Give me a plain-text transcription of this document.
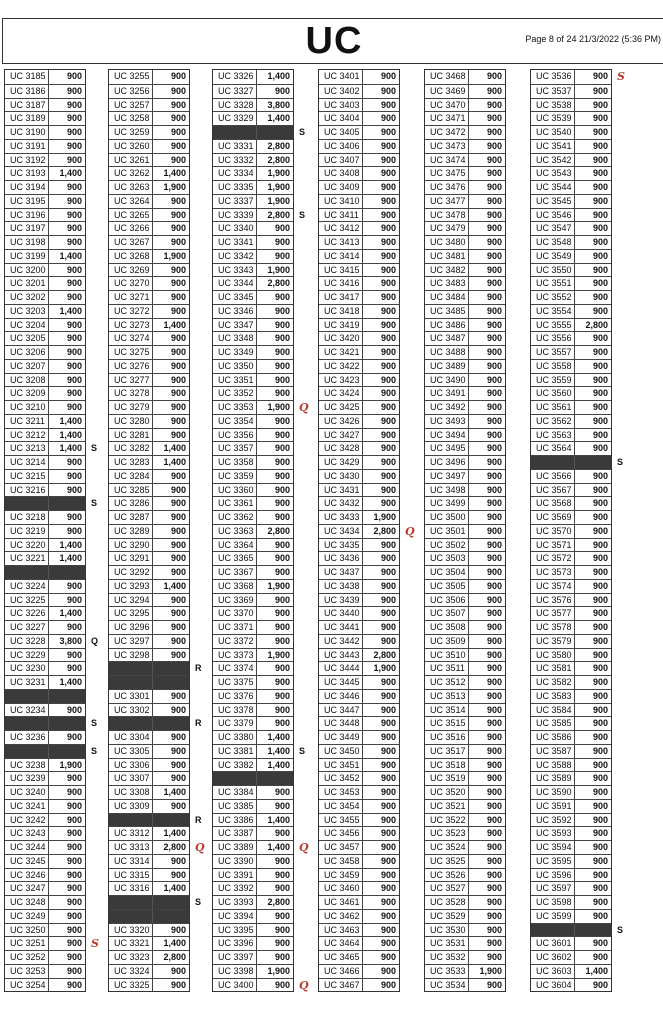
UC	Page 8 of 24 21/3/2022 (5:36 PM)
UC 3185	900
UC 3186	900
UC 3187	900
UC 3189	900
UC 3190	900
UC 3191	900
UC 3192	900
UC 3193	1,400
UC 3194	900
UC 3195	900
UC 3196	900
UC 3197	900
UC 3198	900
UC 3199	1,400
UC 3200	900
UC 3201	900
UC 3202	900
UC 3203	1,400
UC 3204	900
UC 3205	900
UC 3206	900
UC 3207	900
UC 3208	900
UC 3209	900
UC 3210	900
UC 3211	1,400
UC 3212	1,400
UC 3213	1,400 S
UC 3214	900
UC 3215	900
UC 3216	900
S
UC 3218	900
UC 3219	900
UC 3220	1,400
UC 3221	1,400
UC 3224	900
UC 3225	900
UC 3226	1,400
UC 3227	900
UC 3228	3,800 Q
UC 3229	900
UC 3230	900
UC 3231	1,400
UC 3234	900
S
UC 3236	900
S
UC 3238	1,900
UC 3239	900
UC 3240	900
UC 3241	900
UC 3242	900
UC 3243	900
UC 3244	900
UC 3245	900
UC 3246	900
UC 3247	900
UC 3248	900
UC 3249	900
UC 3250	900
UC 3251	900 S
UC 3252	900
UC 3253	900
UC 3254	900
UC 3255	900
UC 3256	900
UC 3257	900
UC 3258	900
UC 3259	900
UC 3260	900
UC 3261	900
UC 3262	1,400
UC 3263	1,900
UC 3264	900
UC 3265	900
UC 3266	900
UC 3267	900
UC 3268	1,900
UC 3269	900
UC 3270	900
UC 3271	900
UC 3272	900
UC 3273	1,400
UC 3274	900
UC 3275	900
UC 3276	900
UC 3277	900
UC 3278	900
UC 3279	900
UC 3280	900
UC 3281	900
UC 3282	1,400
UC 3283	1,400
UC 3284	900
UC 3285	900
UC 3286	900
UC 3287	900
UC 3289	900
UC 3290	900
UC 3291	900
UC 3292	900
UC 3293	1,400
UC 3294	900
UC 3295	900
UC 3296	900
UC 3297	900
UC 3298	900
R
UC 3301	900
UC 3302	900
R
UC 3304	900
UC 3305	900
UC 3306	900
UC 3307	900
UC 3308	1,400
UC 3309	900
R
UC 3312	1,400
UC 3313	2,800 Q
UC 3314	900
UC 3315	900
UC 3316	1,400
S
UC 3320	900
UC 3321	1,400
UC 3323	2,800
UC 3324	900
UC 3325	900
UC 3326	1,400
UC 3327	900
UC 3328	3,800
UC 3329	1,400
S
UC 3331	2,800
UC 3332	2,800
UC 3334	1,900
UC 3335	1,900
UC 3337	1,900
UC 3339	2,800 S
UC 3340	900
UC 3341	900
UC 3342	900
UC 3343	1,900
UC 3344	2,800
UC 3345	900
UC 3346	900
UC 3347	900
UC 3348	900
UC 3349	900
UC 3350	900
UC 3351	900
UC 3352	900
UC 3353	1,900 Q
UC 3354	900
UC 3356	900
UC 3357	900
UC 3358	900
UC 3359	900
UC 3360	900
UC 3361	900
UC 3362	900
UC 3363	2,800
UC 3364	900
UC 3365	900
UC 3367	900
UC 3368	1,900
UC 3369	900
UC 3370	900
UC 3371	900
UC 3372	900
UC 3373	1,900
UC 3374	900
UC 3375	900
UC 3376	900
UC 3378	900
UC 3379	900
UC 3380	1,400
UC 3381	1,400 S
UC 3382	1,400
UC 3384	900
UC 3385	900
UC 3386	1,400
UC 3387	900
UC 3389	1,400 Q
UC 3390	900
UC 3391	900
UC 3392	900
UC 3393	2,800
UC 3394	900
UC 3395	900
UC 3396	900
UC 3397	900
UC 3398	1,900
UC 3400	900 Q
UC 3401	900
UC 3402	900
UC 3403	900
UC 3404	900
UC 3405	900
UC 3406	900
UC 3407	900
UC 3408	900
UC 3409	900
UC 3410	900
UC 3411	900
UC 3412	900
UC 3413	900
UC 3414	900
UC 3415	900
UC 3416	900
UC 3417	900
UC 3418	900
UC 3419	900
UC 3420	900
UC 3421	900
UC 3422	900
UC 3423	900
UC 3424	900
UC 3425	900
UC 3426	900
UC 3427	900
UC 3428	900
UC 3429	900
UC 3430	900
UC 3431	900
UC 3432	900
UC 3433	1,900
UC 3434	2,800 Q
UC 3435	900
UC 3436	900
UC 3437	900
UC 3438	900
UC 3439	900
UC 3440	900
UC 3441	900
UC 3442	900
UC 3443	2,800
UC 3444	1,900
UC 3445	900
UC 3446	900
UC 3447	900
UC 3448	900
UC 3449	900
UC 3450	900
UC 3451	900
UC 3452	900
UC 3453	900
UC 3454	900
UC 3455	900
UC 3456	900
UC 3457	900
UC 3458	900
UC 3459	900
UC 3460	900
UC 3461	900
UC 3462	900
UC 3463	900
UC 3464	900
UC 3465	900
UC 3466	900
UC 3467	900
UC 3468	900
UC 3469	900
UC 3470	900
UC 3471	900
UC 3472	900
UC 3473	900
UC 3474	900
UC 3475	900
UC 3476	900
UC 3477	900
UC 3478	900
UC 3479	900
UC 3480	900
UC 3481	900
UC 3482	900
UC 3483	900
UC 3484	900
UC 3485	900
UC 3486	900
UC 3487	900
UC 3488	900
UC 3489	900
UC 3490	900
UC 3491	900
UC 3492	900
UC 3493	900
UC 3494	900
UC 3495	900
UC 3496	900
UC 3497	900
UC 3498	900
UC 3499	900
UC 3500	900
UC 3501	900
UC 3502	900
UC 3503	900
UC 3504	900
UC 3505	900
UC 3506	900
UC 3507	900
UC 3508	900
UC 3509	900
UC 3510	900
UC 3511	900
UC 3512	900
UC 3513	900
UC 3514	900
UC 3515	900
UC 3516	900
UC 3517	900
UC 3518	900
UC 3519	900
UC 3520	900
UC 3521	900
UC 3522	900
UC 3523	900
UC 3524	900
UC 3525	900
UC 3526	900
UC 3527	900
UC 3528	900
UC 3529	900
UC 3530	900
UC 3531	900
UC 3532	900
UC 3533	1,900
UC 3534	900
UC 3536	900 S
UC 3537	900
UC 3538	900
UC 3539	900
UC 3540	900
UC 3541	900
UC 3542	900
UC 3543	900
UC 3544	900
UC 3545	900
UC 3546	900
UC 3547	900
UC 3548	900
UC 3549	900
UC 3550	900
UC 3551	900
UC 3552	900
UC 3554	900
UC 3555	2,800
UC 3556	900
UC 3557	900
UC 3558	900
UC 3559	900
UC 3560	900
UC 3561	900
UC 3562	900
UC 3563	900
UC 3564	900
S
UC 3566	900
UC 3567	900
UC 3568	900
UC 3569	900
UC 3570	900
UC 3571	900
UC 3572	900
UC 3573	900
UC 3574	900
UC 3576	900
UC 3577	900
UC 3578	900
UC 3579	900
UC 3580	900
UC 3581	900
UC 3582	900
UC 3583	900
UC 3584	900
UC 3585	900
UC 3586	900
UC 3587	900
UC 3588	900
UC 3589	900
UC 3590	900
UC 3591	900
UC 3592	900
UC 3593	900
UC 3594	900
UC 3595	900
UC 3596	900
UC 3597	900
UC 3598	900
UC 3599	900
S
UC 3601	900
UC 3602	900
UC 3603	1,400
UC 3604	900
